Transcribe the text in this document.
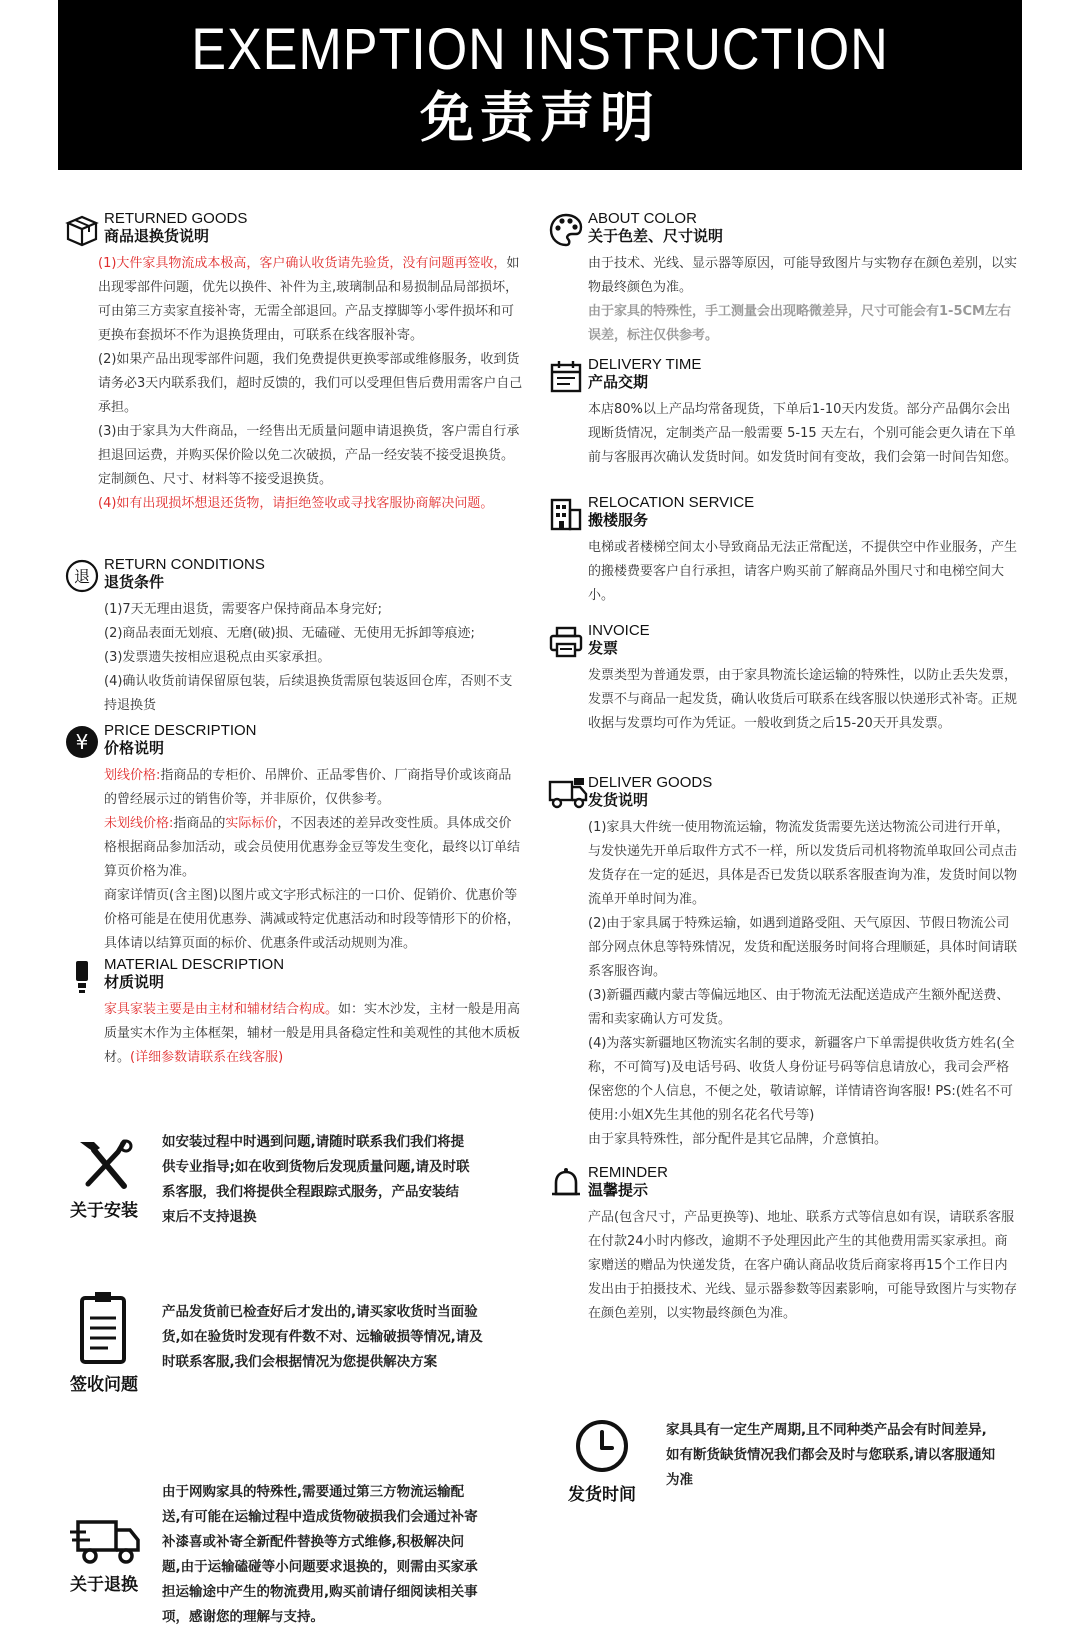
EXEMPTION INSTRUCTION
免责声明
RETURNED GOODS
商品退换货说明

(1)大件家具物流成本极高，客户确认收货请先验货，没有问题再签收，如出现零部件问题，优先以换件、补件为主,玻璃制品和易损制品局部损坏，可由第三方卖家直接补寄，无需全部退回。产品支撑脚等小零件损坏和可更换布套损坏不作为退换货理由，可联系在线客服补寄。

(2)如果产品出现零部件问题，我们免费提供更换零部或维修服务，收到货请务必3天内联系我们，超时反馈的，我们可以受理但售后费用需客户自己承担。

(3)由于家具为大件商品，一经售出无质量问题申请退换货，客户需自行承担退回运费，并购买保价险以免二次破损，产品一经安装不接受退换货。定制颜色、尺寸、材料等不接受退换货。

(4)如有出现损坏想退还货物，请拒绝签收或寻找客服协商解决问题。

退
RETURN CONDITIONS
退货条件

(1)7天无理由退货，需要客户保持商品本身完好;

(2)商品表面无划痕、无磨(破)损、无磕碰、无使用无拆卸等痕迹;

(3)发票遗失按相应退税点由买家承担。

(4)确认收货前请保留原包装，后续退换货需原包装返回仓库，否则不支持退换货

¥ PRICE DESCRIPTION
价格说明

划线价格:指商品的专柜价、吊牌价、正品零售价、厂商指导价或该商品的曾经展示过的销售价等，并非原价，仅供参考。

未划线价格:指商品的实际标价，不因表述的差异改变性质。具体成交价格根据商品参加活动，或会员使用优惠券金豆等发生变化，最终以订单结算页价格为准。

商家详情页(含主图)以图片或文字形式标注的一口价、促销价、优惠价等价格可能是在使用优惠券、满减或特定优惠活动和时段等情形下的价格，具体请以结算页面的标价、优惠条件或活动规则为准。

MATERIAL DESCRIPTION
材质说明

家具家装主要是由主材和辅材结合构成。如：实木沙发，主材一般是用高质量实木作为主体框架，辅材一般是用具备稳定性和美观性的其他木质板材。(详细参数请联系在线客服)

关于安装
如安装过程中时遇到问题,请随时联系我们我们将提供专业指导;如在收到货物后发现质量问题,请及时联系客服，我们将提供全程跟踪式服务，产品安装结束后不支持退换
签收问题
产品发货前已检查好后才发出的,请买家收货时当面验货,如在验货时发现有件数不对、远输破损等情况,请及时联系客服,我们会根据情况为您提供解决方案
关于退换
由于网购家具的特殊性,需要通过第三方物流运输配送,有可能在运输过程中造成货物破损我们会通过补寄补漆喜或补寄全新配件替换等方式维修,积极解决问题,由于运输磕碰等小问题要求退换的，则需由买家承担运输途中产生的物流费用,购买前请仔细阅读相关事项，感谢您的理解与支持。
ABOUT COLOR
关于色差、尺寸说明

由于技术、光线、显示器等原因，可能导致图片与实物存在颜色差别，以实物最终颜色为准。

由于家具的特殊性，手工测量会出现略微差异，尺寸可能会有1-5CM左右误差，标注仅供参考。

DELIVERY TIME
产品交期

本店80%以上产品均常备现货，下单后1-10天内发货。部分产品偶尔会出现断货情况，定制类产品一般需要 5-15 天左右，个别可能会更久请在下单前与客服再次确认发货时间。如发货时间有变故，我们会第一时间告知您。

RELOCATION SERVICE
搬楼服务

电梯或者楼梯空间太小导致商品无法正常配送，不提供空中作业服务，产生的搬楼费要客户自行承担，请客户购买前了解商品外围尺寸和电梯空间大小。

INVOICE
发票

发票类型为普通发票，由于家具物流长途运输的特殊性，以防止丢失发票，发票不与商品一起发货，确认收货后可联系在线客服以快递形式补寄。正规收据与发票均可作为凭证。一般收到货之后15-20天开具发票。

DELIVER GOODS
发货说明

(1)家具大件统一使用物流运输，物流发货需要先送达物流公司进行开单，与发快递先开单后取件方式不一样，所以发货后司机将物流单取回公司点击发货存在一定的延迟，具体是否已发货以联系客服查询为准，发货时间以物流单开单时间为准。

(2)由于家具属于特殊运输，如遇到道路受阻、天气原因、节假日物流公司部分网点休息等特殊情况，发货和配送服务时间将合理顺延，具体时间请联系客服咨询。

(3)新疆西藏内蒙古等偏远地区、由于物流无法配送造成产生额外配送费、需和卖家确认方可发货。

(4)为落实新疆地区物流实名制的要求，新疆客户下单需提供收货方姓名(全称，不可简写)及电话号码、收货人身份证号码等信息请放心，我司会严格保密您的个人信息，不便之处，敬请谅解，详情请咨询客服! PS:(姓名不可使用:小姐X先生其他的别名花名代号等)

由于家具特殊性，部分配件是其它品牌，介意慎拍。

REMINDER
温馨提示

产品(包含尺寸，产品更换等)、地址、联系方式等信息如有误，请联系客服在付款24小时内修改，逾期不予处理因此产生的其他费用需买家承担。商家赠送的赠品为快递发货，在客户确认商品收货后商家将再15个工作日内发出由于拍摄技术、光线、显示器参数等因素影响，可能导致图片与实物存在颜色差别，以实物最终颜色为准。

发货时间
家具具有一定生产周期,且不同种类产品会有时间差异,如有断货缺货情况我们都会及时与您联系,请以客服通知为准
